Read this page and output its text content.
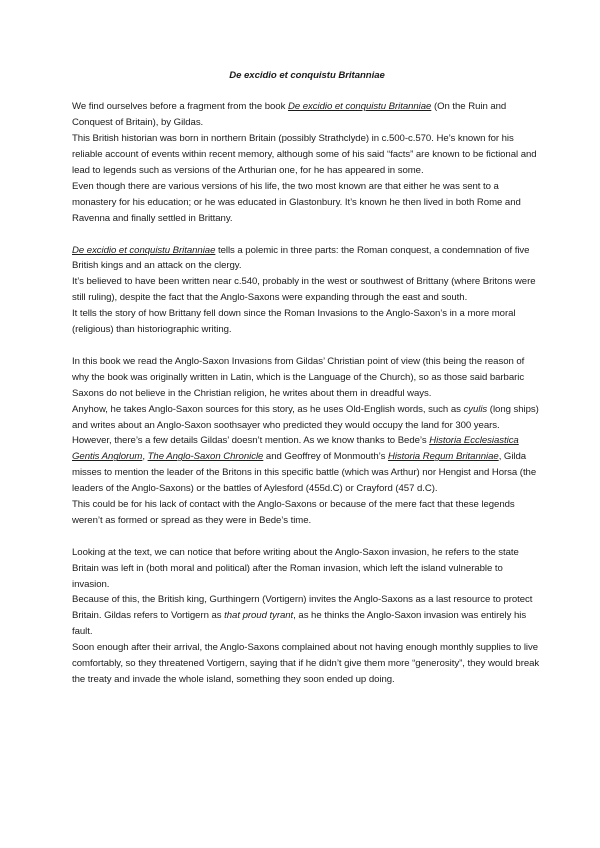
De excidio et conquistu Britanniae

We find ourselves before a fragment from the book De excidio et conquistu Britanniae (On the Ruin and Conquest of Britain), by Gildas.

This British historian was born in northern Britain (possibly Strathclyde) in c.500-c.570. He’s known for his reliable account of events within recent memory, although some of his said “facts” are known to be fictional and lead to legends such as versions of the Arthurian one, for he has appeared in some.

Even though there are various versions of his life, the two most known are that either he was sent to a monastery for his education; or he was educated in Glastonbury. It’s known he then lived in both Rome and Ravenna and finally settled in Brittany.

De excidio et conquistu Britanniae tells a polemic in three parts: the Roman conquest, a condemnation of five British kings and an attack on the clergy.

It’s believed to have been written near c.540, probably in the west or southwest of Brittany (where Britons were still ruling), despite the fact that the Anglo-Saxons were expanding through the east and south.

It tells the story of how Brittany fell down since the Roman Invasions to the Anglo-Saxon’s in a more moral (religious) than historiographic writing.

In this book we read the Anglo-Saxon Invasions from Gildas’ Christian point of view (this being the reason of why the book was originally written in Latin, which is the Language of the Church), so as those said barbaric Saxons do not believe in the Christian religion, he writes about them in dreadful ways.

Anyhow, he takes Anglo-Saxon sources for this story, as he uses Old-English words, such as cyulis (long ships) and writes about an Anglo-Saxon soothsayer who predicted they would occupy the land for 300 years.

However, there’s a few details Gildas’ doesn’t mention. As we know thanks to Bede’s Historia Ecclesiastica Gentis Anglorum, The Anglo-Saxon Chronicle and Geoffrey of Monmouth’s Historia Regum Britanniae, Gilda misses to mention the leader of the Britons in this specific battle (which was Arthur) nor Hengist and Horsa (the leaders of the Anglo-Saxons) or the battles of Aylesford (455d.C) or Crayford (457 d.C).

This could be for his lack of contact with the Anglo-Saxons or because of the mere fact that these legends weren’t as formed or spread as they were in Bede’s time.

Looking at the text, we can notice that before writing about the Anglo-Saxon invasion, he refers to the state Britain was left in (both moral and political) after the Roman invasion, which left the island vulnerable to invasion.

Because of this, the British king, Gurthingern (Vortigern) invites the Anglo-Saxons as a last resource to protect Britain. Gildas refers to Vortigern as that proud tyrant, as he thinks the Anglo-Saxon invasion was entirely his fault.

Soon enough after their arrival, the Anglo-Saxons complained about not having enough monthly supplies to live comfortably, so they threatened Vortigern, saying that if he didn’t give them more “generosity”, they would break the treaty and invade the whole island, something they soon ended up doing.
